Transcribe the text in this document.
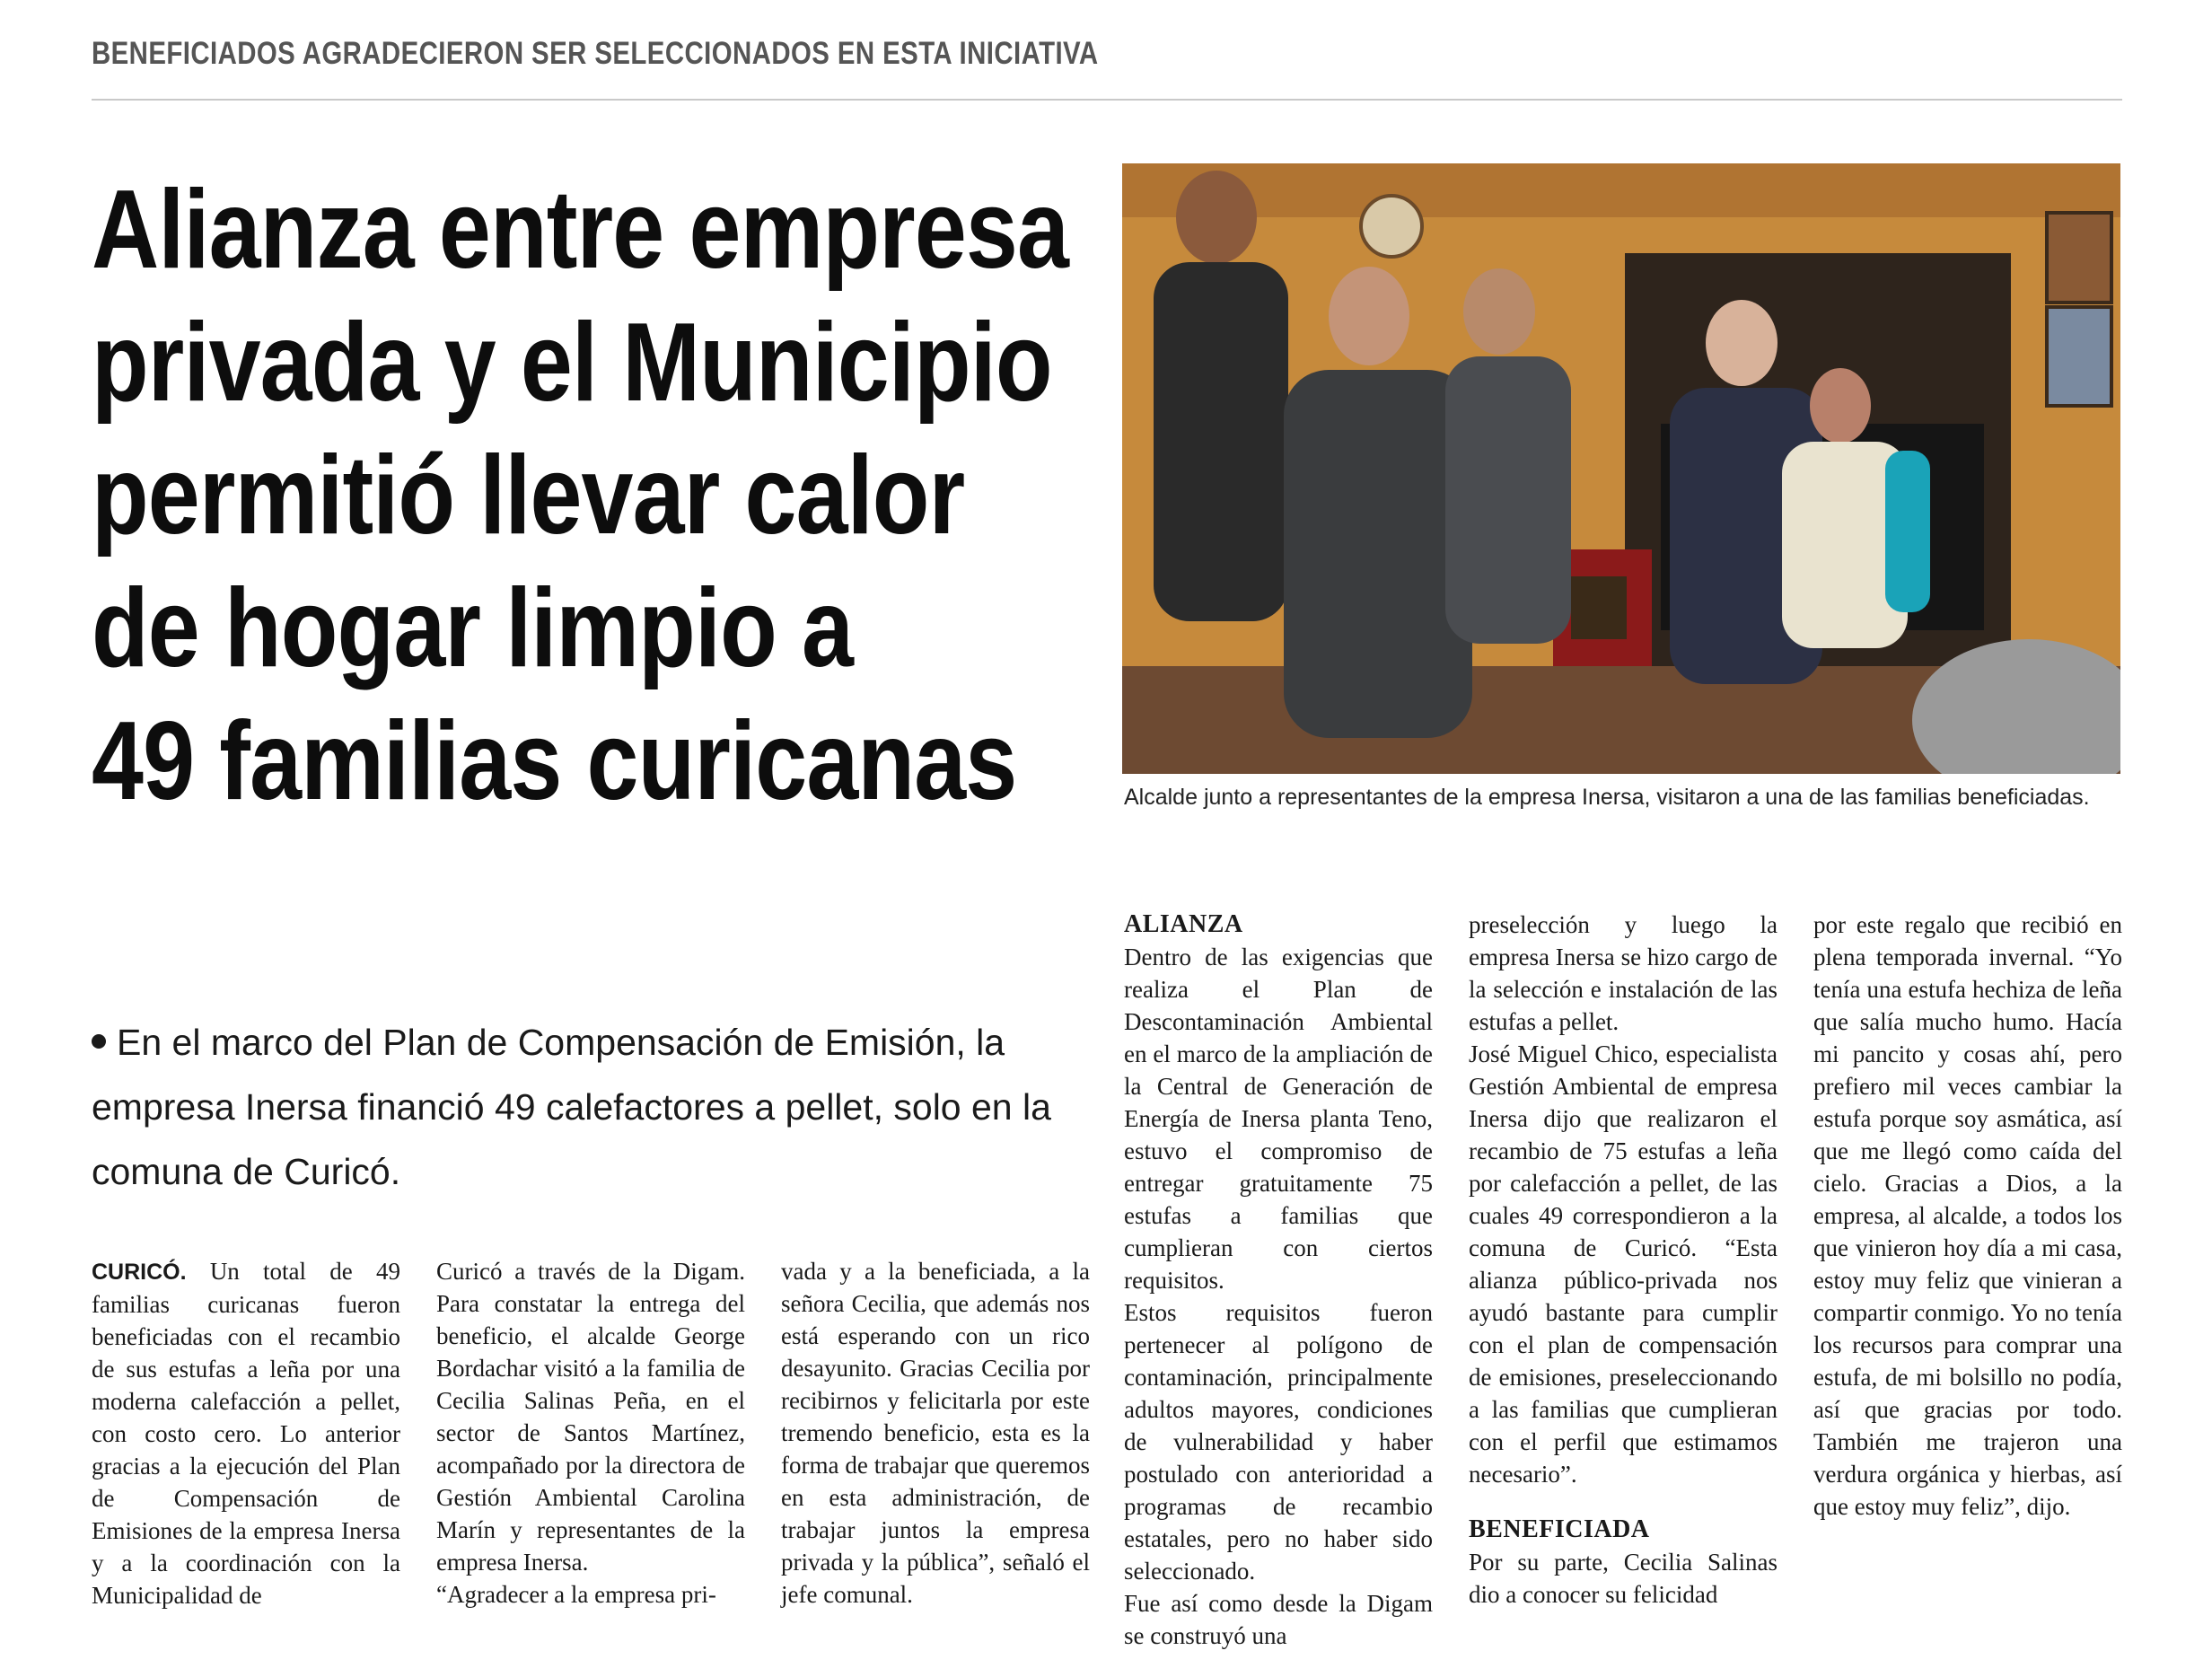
BENEFICIADOS AGRADECIERON SER SELECCIONADOS EN ESTA INICIATIVA
Alianza entre empresa
privada y el Municipio
permitió llevar calor
de hogar limpio a
49 familias curicanas
En el marco del Plan de Compensación de Emisión, la empresa Inersa financió 49 calefactores a pellet, solo en la comuna de Curicó.
Alcalde junto a representantes de la empresa Inersa, visitaron a una de las familias beneficiadas.

CURICÓ. Un total de 49 familias curicanas fueron beneficiadas con el recambio de sus estufas a leña por una moderna calefacción a pellet, con costo cero. Lo anterior gracias a la ejecución del Plan de Compensación de Emisiones de la empresa Inersa y a la coordinación con la Municipalidad de

Curicó a través de la Digam. Para constatar la entrega del beneficio, el alcalde George Bordachar visitó a la familia de Cecilia Salinas Peña, en el sector de Santos Martínez, acompañado por la directora de Gestión Ambiental Carolina Marín y representantes de la empresa Inersa.

“Agradecer a la empresa pri-

vada y a la beneficiada, a la señora Cecilia, que además nos está esperando con un rico desayunito. Gracias Cecilia por recibirnos y felicitarla por este tremendo beneficio, esta es la forma de trabajar que queremos en esta administración, de trabajar juntos la empresa privada y la pública”, señaló el jefe comunal.

ALIANZA

Dentro de las exigencias que realiza el Plan de Descontaminación Ambiental en el marco de la ampliación de la Central de Generación de Energía de Inersa planta Teno, estuvo el compromiso de entregar gratuitamente 75 estufas a familias que cumplieran con ciertos requisitos.

Estos requisitos fueron pertenecer al polígono de contaminación, principalmente adultos mayores, condiciones de vulnerabilidad y haber postulado con anterioridad a programas de recambio estatales, pero no haber sido seleccionado.

Fue así como desde la Digam se construyó una

preselección y luego la empresa Inersa se hizo cargo de la selección e instalación de las estufas a pellet.

José Miguel Chico, especialista Gestión Ambiental de empresa Inersa dijo que realizaron el recambio de 75 estufas a leña por calefacción a pellet, de las cuales 49 correspondieron a la comuna de Curicó. “Esta alianza público-privada nos ayudó bastante para cumplir con el plan de compensación de emisiones, preseleccionando a las familias que cumplieran con el perfil que estimamos necesario”.

BENEFICIADA

Por su parte, Cecilia Salinas dio a conocer su felicidad

por este regalo que recibió en plena temporada invernal. “Yo tenía una estufa hechiza de leña que salía mucho humo. Hacía mi pancito y cosas ahí, pero prefiero mil veces cambiar la estufa porque soy asmática, así que me llegó como caída del cielo. Gracias a Dios, a la empresa, al alcalde, a todos los que vinieron hoy día a mi casa, estoy muy feliz que vinieran a compartir conmigo. Yo no tenía los recursos para comprar una estufa, de mi bolsillo no podía, así que gracias por todo. También me trajeron una verdura orgánica y hierbas, así que estoy muy feliz”, dijo.
